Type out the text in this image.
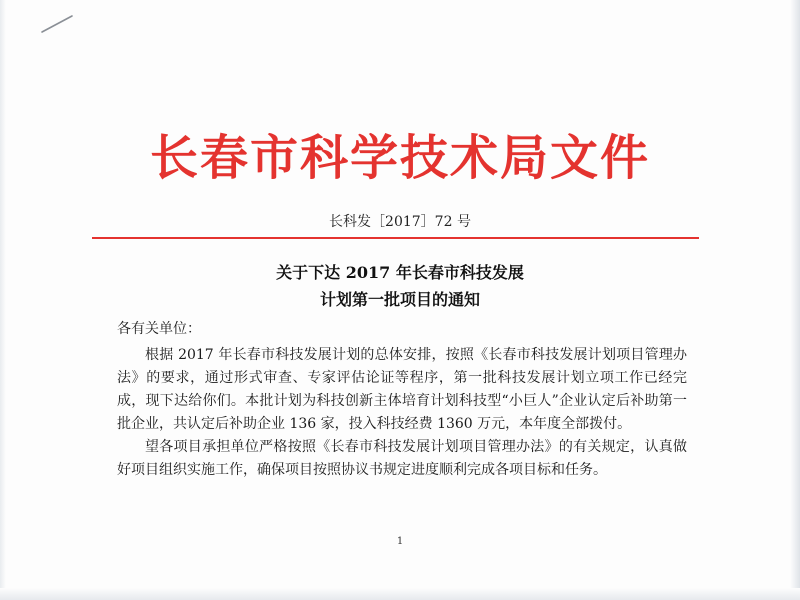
长春市科学技术局文件
长科发［2017］72 号
关于下达 2017 年长春市科技发展
计划第一批项目的通知
各有关单位：

根据 2017 年长春市科技发展计划的总体安排，按照《长春市科技发展计划项目管理办法》的要求，通过形式审查、专家评估论证等程序，第一批科技发展计划立项工作已经完成，现下达给你们。本批计划为科技创新主体培育计划科技型“小巨人”企业认定后补助第一批企业，共认定后补助企业 136 家，投入科技经费 1360 万元，本年度全部拨付。

望各项目承担单位严格按照《长春市科技发展计划项目管理办法》的有关规定，认真做好项目组织实施工作，确保项目按照协议书规定进度顺利完成各项目标和任务。

1
